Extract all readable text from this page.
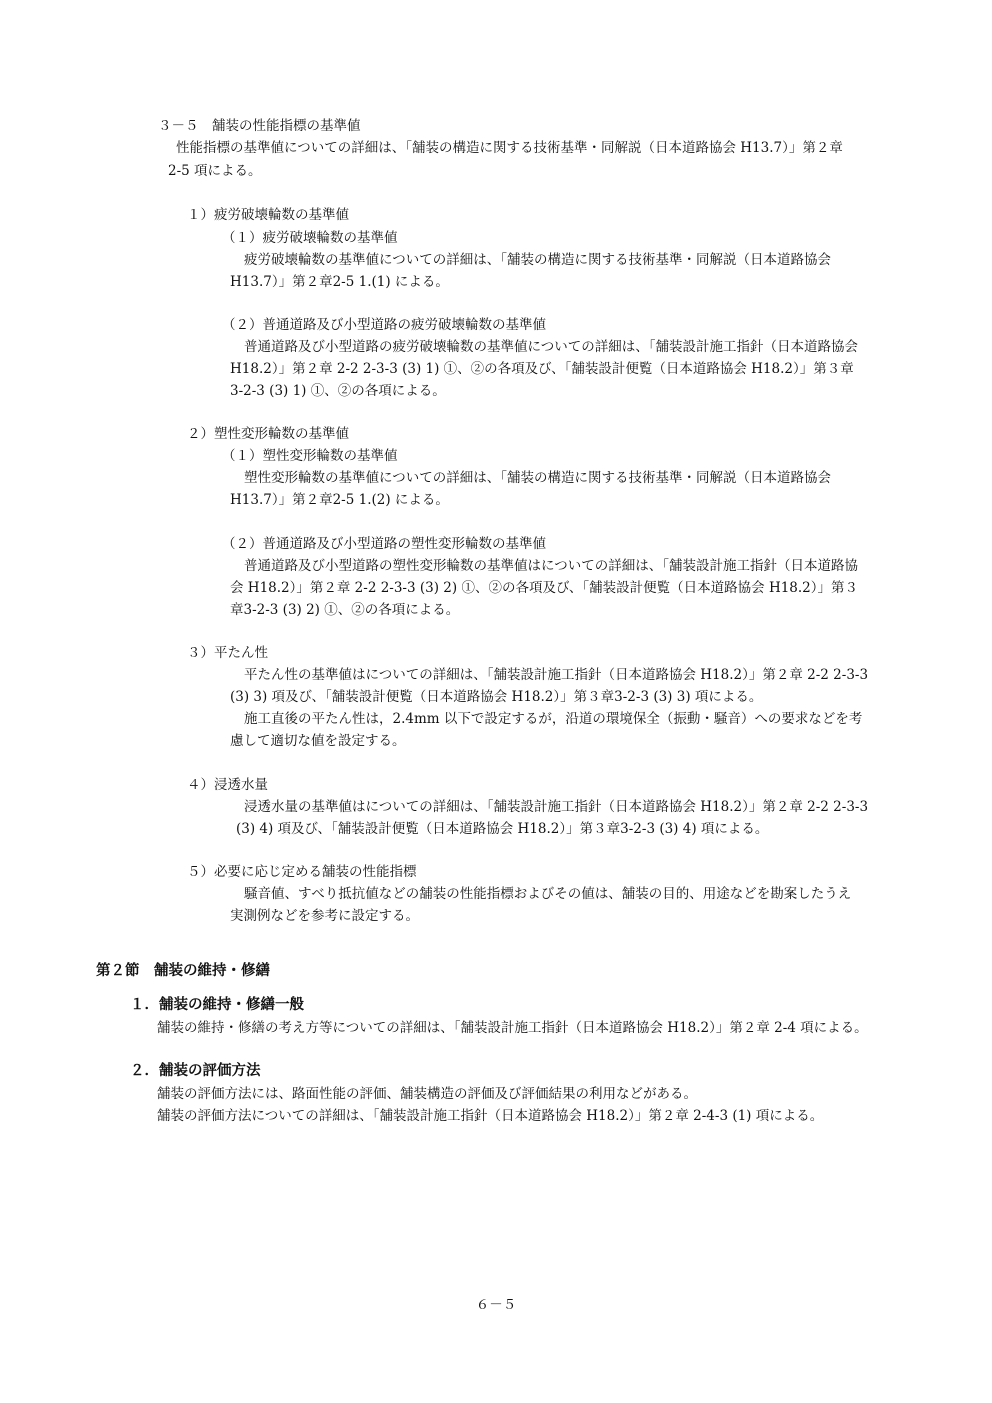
３－５　舗装の性能指標の基準値
性能指標の基準値についての詳細は、「舗装の構造に関する技術基準・同解説（日本道路協会 H13.7）」第２章
2-5 項による。
１）疲労破壊輪数の基準値
（１）疲労破壊輪数の基準値
疲労破壊輪数の基準値についての詳細は、「舗装の構造に関する技術基準・同解説（日本道路協会
H13.7）」第２章2-5 1.(1) による。
（２）普通道路及び小型道路の疲労破壊輪数の基準値
普通道路及び小型道路の疲労破壊輪数の基準値についての詳細は、「舗装設計施工指針（日本道路協会
H18.2）」第２章 2-2 2-3-3 (3) 1) ①、②の各項及び、「舗装設計便覧（日本道路協会 H18.2）」第３章
3-2-3 (3) 1) ①、②の各項による。
２）塑性変形輪数の基準値
（１）塑性変形輪数の基準値
塑性変形輪数の基準値についての詳細は、「舗装の構造に関する技術基準・同解説（日本道路協会
H13.7）」第２章2-5 1.(2) による。
（２）普通道路及び小型道路の塑性変形輪数の基準値
普通道路及び小型道路の塑性変形輪数の基準値はについての詳細は、「舗装設計施工指針（日本道路協
会 H18.2）」第２章 2-2 2-3-3 (3) 2) ①、②の各項及び、「舗装設計便覧（日本道路協会 H18.2）」第３
章3-2-3 (3) 2) ①、②の各項による。
３）平たん性
平たん性の基準値はについての詳細は、「舗装設計施工指針（日本道路協会 H18.2）」第２章 2-2 2-3-3
(3) 3) 項及び、「舗装設計便覧（日本道路協会 H18.2）」第３章3-2-3 (3) 3) 項による。
施工直後の平たん性は，2.4mm 以下で設定するが，沿道の環境保全（振動・騒音）への要求などを考
慮して適切な値を設定する。
４）浸透水量
浸透水量の基準値はについての詳細は、「舗装設計施工指針（日本道路協会 H18.2）」第２章 2-2 2-3-3
(3) 4) 項及び、「舗装設計便覧（日本道路協会 H18.2）」第３章3-2-3 (3) 4) 項による。
５）必要に応じ定める舗装の性能指標
騒音値、すべり抵抗値などの舗装の性能指標およびその値は、舗装の目的、用途などを勘案したうえ
実測例などを参考に設定する。
第２節　舗装の維持・修繕
１．舗装の維持・修繕一般
舗装の維持・修繕の考え方等についての詳細は、「舗装設計施工指針（日本道路協会 H18.2）」第２章 2-4 項による。
２．舗装の評価方法
舗装の評価方法には、路面性能の評価、舗装構造の評価及び評価結果の利用などがある。
舗装の評価方法についての詳細は、「舗装設計施工指針（日本道路協会 H18.2）」第２章 2-4-3 (1) 項による。
６－５
